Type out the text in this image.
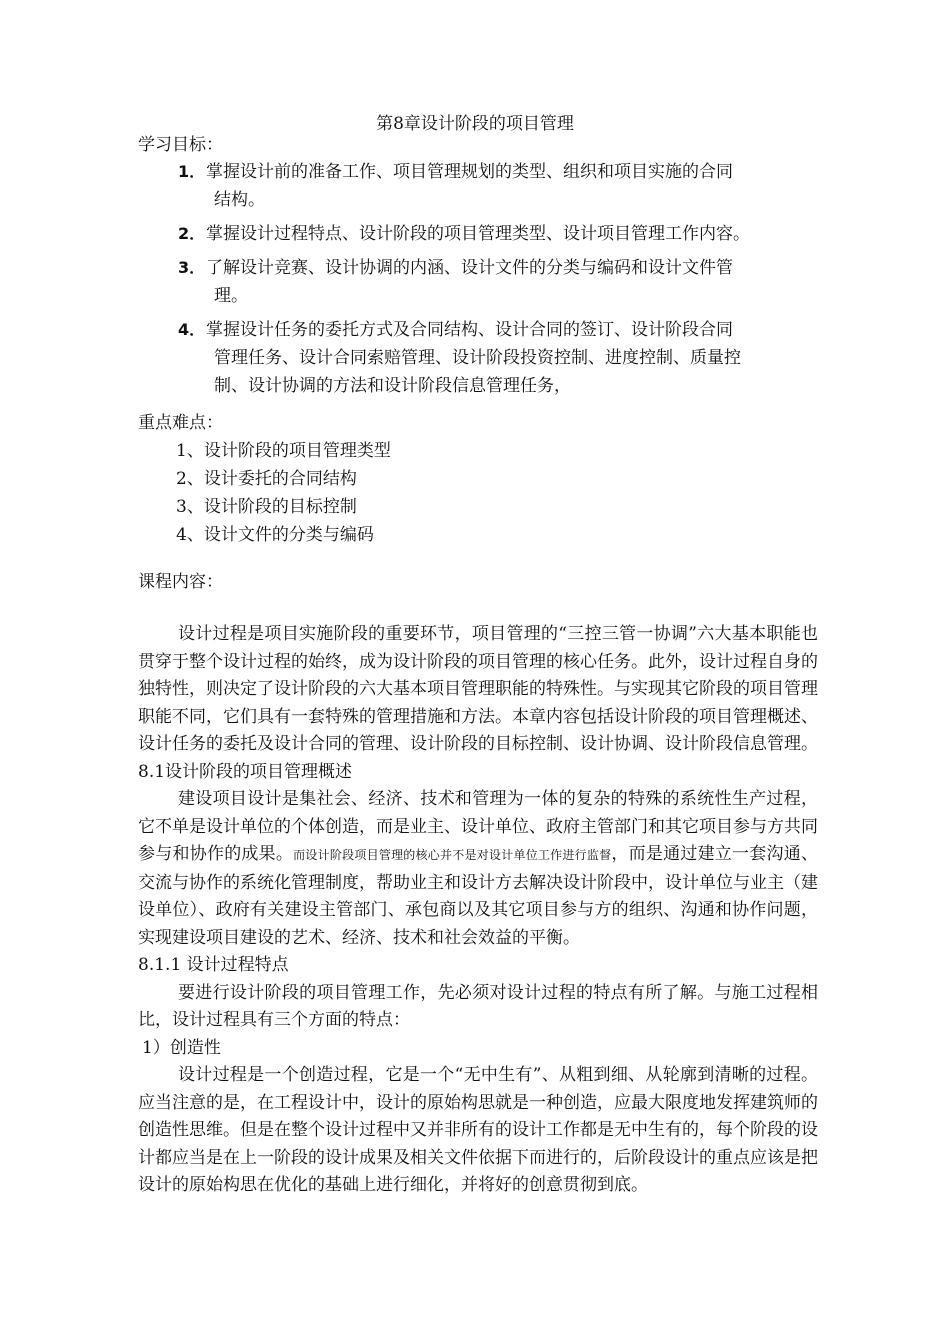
第8章设计阶段的项目管理
学习目标：
1． 掌握设计前的准备工作、项目管理规划的类型、组织和项目实施的合同
结构。
2． 掌握设计过程特点、设计阶段的项目管理类型、设计项目管理工作内容。
3． 了解设计竞赛、设计协调的内涵、设计文件的分类与编码和设计文件管
理。
4． 掌握设计任务的委托方式及合同结构、设计合同的签订、设计阶段合同
管理任务、设计合同索赔管理、设计阶段投资控制、进度控制、质量控
制、设计协调的方法和设计阶段信息管理任务，
重点难点：
1、设计阶段的项目管理类型
2、设计委托的合同结构
3、设计阶段的目标控制
4、设计文件的分类与编码
课程内容：

设计过程是项目实施阶段的重要环节，项目管理的“三控三管一协调”六大基本职能也贯穿于整个设计过程的始终，成为设计阶段的项目管理的核心任务。此外，设计过程自身的独特性，则决定了设计阶段的六大基本项目管理职能的特殊性。与实现其它阶段的项目管理职能不同，它们具有一套特殊的管理措施和方法。本章内容包括设计阶段的项目管理概述、设计任务的委托及设计合同的管理、设计阶段的目标控制、设计协调、设计阶段信息管理。8.1设计阶段的项目管理概述

建设项目设计是集社会、经济、技术和管理为一体的复杂的特殊的系统性生产过程，它不单是设计单位的个体创造，而是业主、设计单位、政府主管部门和其它项目参与方共同参与和协作的成果。而设计阶段项目管理的核心并不是对设计单位工作进行监督，而是通过建立一套沟通、交流与协作的系统化管理制度，帮助业主和设计方去解决设计阶段中，设计单位与业主（建设单位）、政府有关建设主管部门、承包商以及其它项目参与方的组织、沟通和协作问题，实现建设项目建设的艺术、经济、技术和社会效益的平衡。

8.1.1 设计过程特点

要进行设计阶段的项目管理工作，先必须对设计过程的特点有所了解。与施工过程相比，设计过程具有三个方面的特点：

1）创造性

设计过程是一个创造过程，它是一个“无中生有”、从粗到细、从轮廓到清晰的过程。应当注意的是，在工程设计中，设计的原始构思就是一种创造，应最大限度地发挥建筑师的创造性思维。但是在整个设计过程中又并非所有的设计工作都是无中生有的，每个阶段的设计都应当是在上一阶段的设计成果及相关文件依据下而进行的，后阶段设计的重点应该是把设计的原始构思在优化的基础上进行细化，并将好的创意贯彻到底。
